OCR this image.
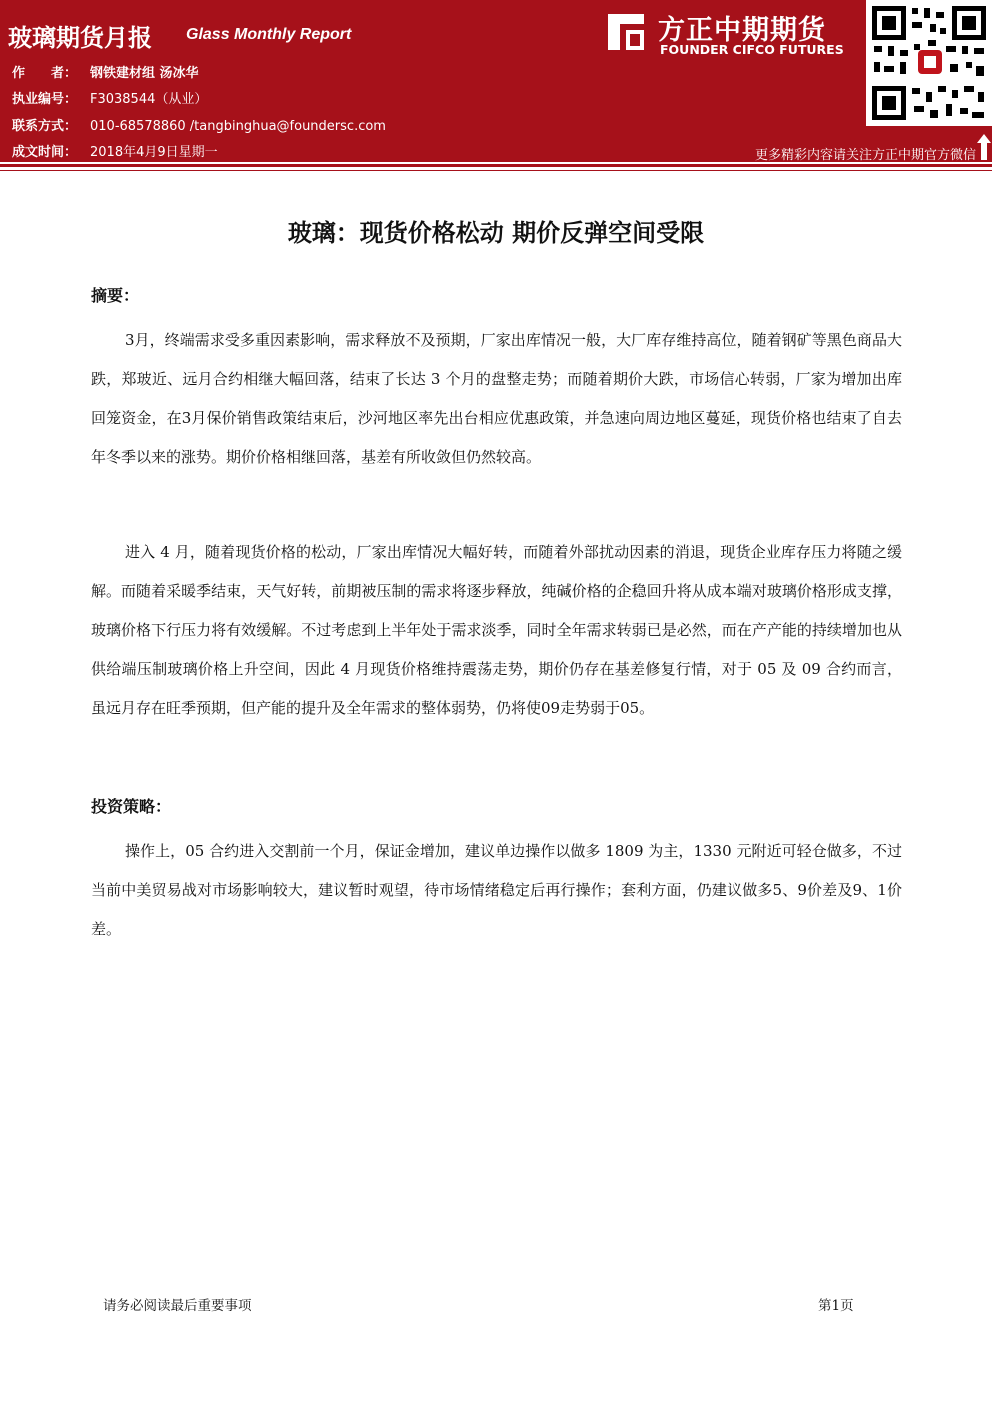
玻璃期货月报 Glass Monthly Report
作　　者： 钢铁建材组 汤冰华
执业编号： F3038544（从业）
联系方式： 010-68578860 /tangbinghua@foundersc.com
成文时间： 2018年4月9日星期一
方正中期期货
FOUNDER CIFCO FUTURES
更多精彩内容请关注方正中期官方微信
玻璃：现货价格松动 期价反弹空间受限
摘要：

3月，终端需求受多重因素影响，需求释放不及预期，厂家出库情况一般，大厂库存维持高位，随着钢矿等黑色商品大跌，郑玻近、远月合约相继大幅回落，结束了长达 3 个月的盘整走势；而随着期价大跌，市场信心转弱，厂家为增加出库回笼资金，在3月保价销售政策结束后，沙河地区率先出台相应优惠政策，并急速向周边地区蔓延，现货价格也结束了自去年冬季以来的涨势。期价价格相继回落，基差有所收敛但仍然较高。

进入 4 月，随着现货价格的松动，厂家出库情况大幅好转，而随着外部扰动因素的消退，现货企业库存压力将随之缓解。而随着采暖季结束，天气好转，前期被压制的需求将逐步释放，纯碱价格的企稳回升将从成本端对玻璃价格形成支撑，玻璃价格下行压力将有效缓解。不过考虑到上半年处于需求淡季，同时全年需求转弱已是必然，而在产产能的持续增加也从供给端压制玻璃价格上升空间，因此 4 月现货价格维持震荡走势，期价仍存在基差修复行情，对于 05 及 09 合约而言，虽远月存在旺季预期，但产能的提升及全年需求的整体弱势，仍将使09走势弱于05。

投资策略：

操作上，05 合约进入交割前一个月，保证金增加，建议单边操作以做多 1809 为主，1330 元附近可轻仓做多，不过当前中美贸易战对市场影响较大，建议暂时观望，待市场情绪稳定后再行操作；套利方面，仍建议做多5、9价差及9、1价差。

请务必阅读最后重要事项	第1页
